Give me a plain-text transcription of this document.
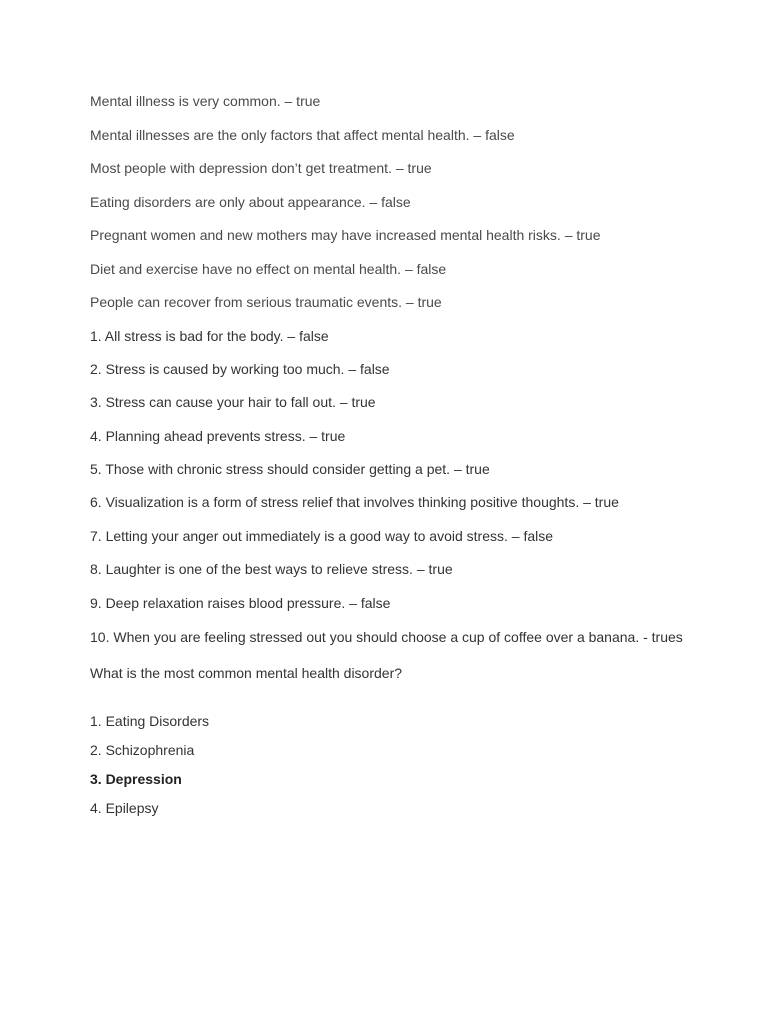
Mental illness is very common. – true

Mental illnesses are the only factors that affect mental health. – false

Most people with depression don’t get treatment. – true

Eating disorders are only about appearance. – false

Pregnant women and new mothers may have increased mental health risks. – true

Diet and exercise have no effect on mental health. – false

People can recover from serious traumatic events. – true

1. All stress is bad for the body. – false

2. Stress is caused by working too much. – false

3. Stress can cause your hair to fall out. – true

4. Planning ahead prevents stress. – true

5. Those with chronic stress should consider getting a pet. – true

6. Visualization is a form of stress relief that involves thinking positive thoughts. – true

7. Letting your anger out immediately is a good way to avoid stress. – false

8. Laughter is one of the best ways to relieve stress. – true

9. Deep relaxation raises blood pressure. – false

10. When you are feeling stressed out you should choose a cup of coffee over a banana. - trues

What is the most common mental health disorder?

1. Eating Disorders

2. Schizophrenia

3. Depression

4. Epilepsy
